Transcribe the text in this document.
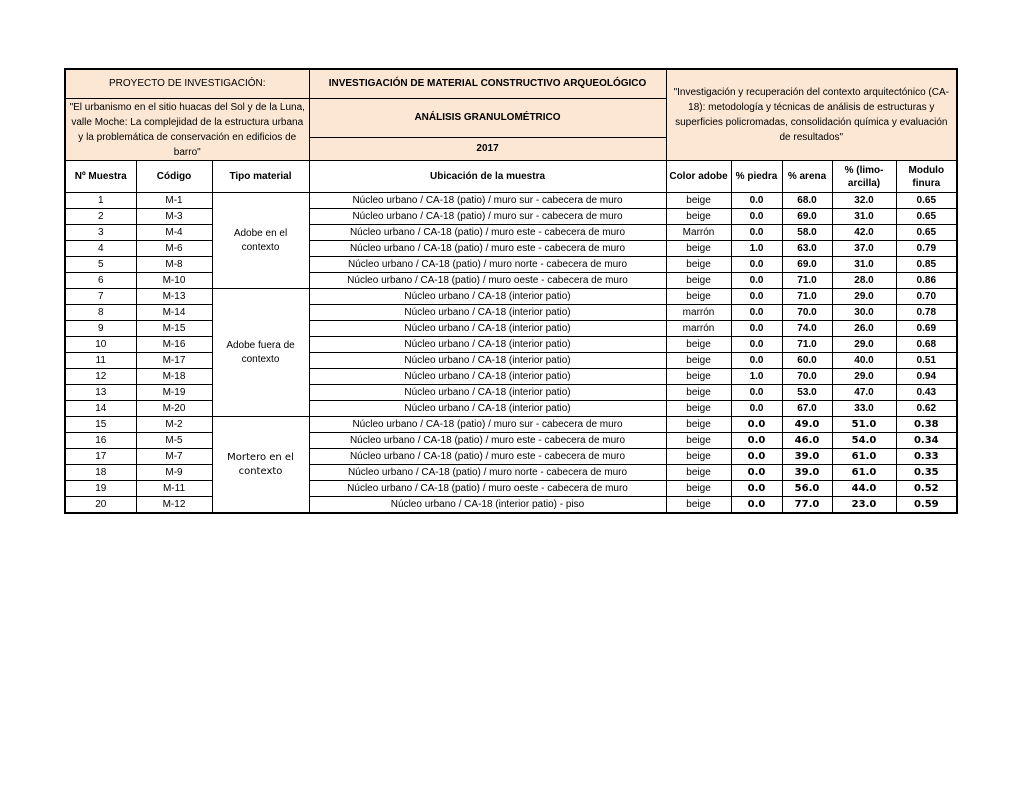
PROYECTO DE INVESTIGACIÓN:			INVESTIGACIÓN DE MATERIAL CONSTRUCTIVO ARQUEOLÓGICO	"Investigación y recuperación del contexto arquitectónico (CA-18): metodología y técnicas de análisis de estructuras y superficies policromadas, consolidación química y evaluación de resultados"				
"El urbanismo en el sitio huacas del Sol y de la Luna, valle Moche: La complejidad de la estructura urbana y la problemática de conservación en edificios de barro"			ANÁLISIS GRANULOMÉTRICO					
			2017					
Nº Muestra	Código	Tipo material	Ubicación de la muestra	Color adobe	% piedra	% arena	% (limo-arcilla)	Modulo finura
1	M-1	Adobe en el contexto	Núcleo urbano / CA-18 (patio) / muro sur - cabecera de muro	beige	0.0	68.0	32.0	0.65
2	M-3		Núcleo urbano / CA-18 (patio) / muro sur - cabecera de muro	beige	0.0	69.0	31.0	0.65
3	M-4		Núcleo urbano / CA-18 (patio) / muro este - cabecera de muro	Marrón	0.0	58.0	42.0	0.65
4	M-6		Núcleo urbano / CA-18 (patio) / muro este - cabecera de muro	beige	1.0	63.0	37.0	0.79
5	M-8		Núcleo urbano / CA-18 (patio) / muro norte - cabecera de muro	beige	0.0	69.0	31.0	0.85
6	M-10		Núcleo urbano / CA-18 (patio) / muro oeste - cabecera de muro	beige	0.0	71.0	28.0	0.86
7	M-13	Adobe fuera de contexto	Núcleo urbano / CA-18 (interior patio)	beige	0.0	71.0	29.0	0.70
8	M-14		Núcleo urbano / CA-18 (interior patio)	marrón	0.0	70.0	30.0	0.78
9	M-15		Núcleo urbano / CA-18 (interior patio)	marrón	0.0	74.0	26.0	0.69
10	M-16		Núcleo urbano / CA-18 (interior patio)	beige	0.0	71.0	29.0	0.68
11	M-17		Núcleo urbano / CA-18 (interior patio)	beige	0.0	60.0	40.0	0.51
12	M-18		Núcleo urbano / CA-18 (interior patio)	beige	1.0	70.0	29.0	0.94
13	M-19		Núcleo urbano / CA-18 (interior patio)	beige	0.0	53.0	47.0	0.43
14	M-20		Núcleo urbano / CA-18 (interior patio)	beige	0.0	67.0	33.0	0.62
15	M-2	Mortero en el contexto	Núcleo urbano / CA-18 (patio) / muro sur - cabecera de muro	beige	0.0	49.0	51.0	0.38
16	M-5		Núcleo urbano / CA-18 (patio) / muro este - cabecera de muro	beige	0.0	46.0	54.0	0.34
17	M-7		Núcleo urbano / CA-18 (patio) / muro este - cabecera de muro	beige	0.0	39.0	61.0	0.33
18	M-9		Núcleo urbano / CA-18 (patio) / muro norte - cabecera de muro	beige	0.0	39.0	61.0	0.35
19	M-11		Núcleo urbano / CA-18 (patio) / muro oeste - cabecera de muro	beige	0.0	56.0	44.0	0.52
20	M-12		Núcleo urbano / CA-18 (interior patio) - piso	beige	0.0	77.0	23.0	0.59
